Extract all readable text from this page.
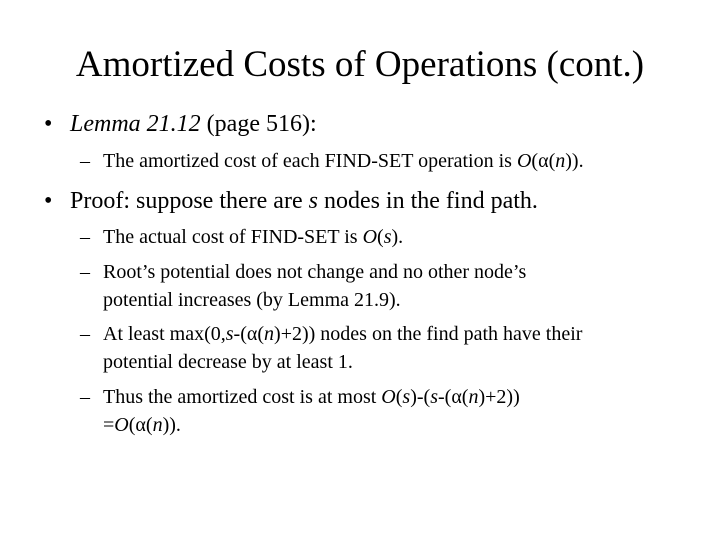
Amortized Costs of Operations (cont.)
• Lemma 21.12 (page 516):
– The amortized cost of each FIND-SET operation is O(α(n)).
• Proof: suppose there are s nodes in the find path.
– The actual cost of FIND-SET is O(s).
– Root’s potential does not change and no other node’s
potential increases (by Lemma 21.9).
– At least max(0,s-(α(n)+2)) nodes on the find path have their
potential decrease by at least 1.
– Thus the amortized cost is at most O(s)-(s-(α(n)+2))
=O(α(n)).
